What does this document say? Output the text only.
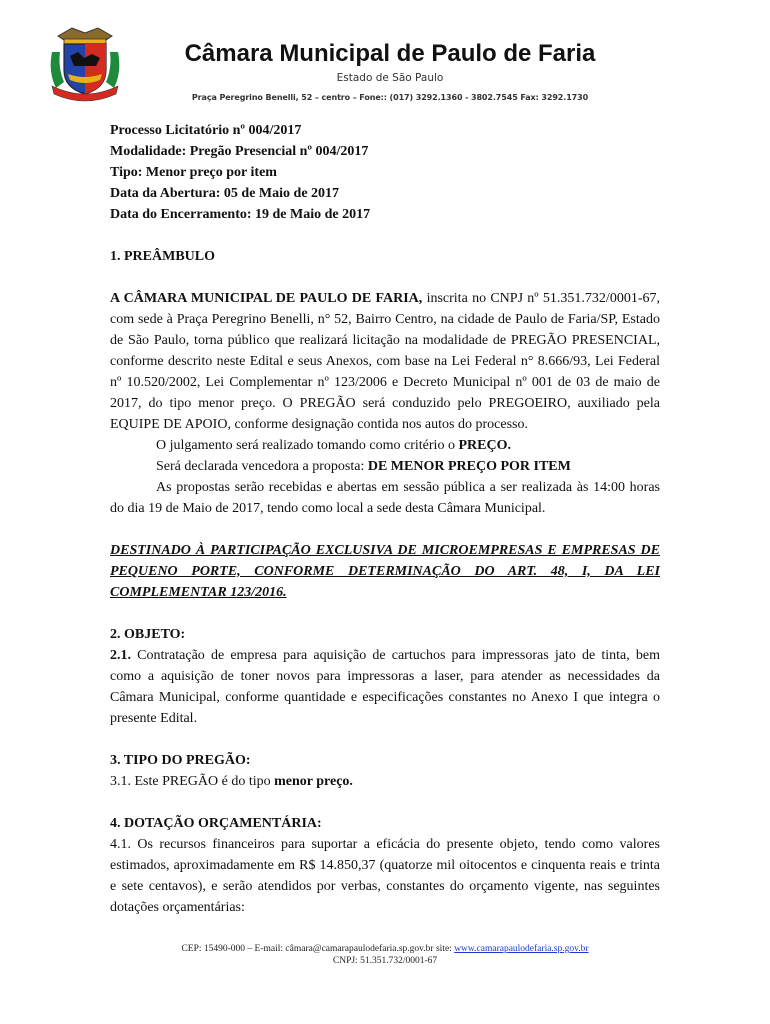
Câmara Municipal de Paulo de Faria
Estado de São Paulo
Praça Peregrino Benelli, 52 – centro – Fone:: (017) 3292.1360 - 3802.7545 Fax: 3292.1730

Processo Licitatório nº 004/2017

Modalidade: Pregão Presencial nº 004/2017

Tipo: Menor preço por item

Data da Abertura: 05 de Maio de 2017

Data do Encerramento: 19 de Maio de 2017

1. PREÂMBULO

A CÂMARA MUNICIPAL DE PAULO DE FARIA, inscrita no CNPJ nº 51.351.732/0001-67, com sede à Praça Peregrino Benelli, n° 52, Bairro Centro, na cidade de Paulo de Faria/SP, Estado de São Paulo, torna público que realizará licitação na modalidade de PREGÃO PRESENCIAL, conforme descrito neste Edital e seus Anexos, com base na Lei Federal n° 8.666/93, Lei Federal nº 10.520/2002, Lei Complementar nº 123/2006 e Decreto Municipal nº 001 de 03 de maio de 2017, do tipo menor preço. O PREGÃO será conduzido pelo PREGOEIRO, auxiliado pela EQUIPE DE APOIO, conforme designação contida nos autos do processo.

O julgamento será realizado tomando como critério o PREÇO.

Será declarada vencedora a proposta: DE MENOR PREÇO POR ITEM

As propostas serão recebidas e abertas em sessão pública a ser realizada às 14:00 horas do dia 19 de Maio de 2017, tendo como local a sede desta Câmara Municipal.

DESTINADO À PARTICIPAÇÃO EXCLUSIVA DE MICROEMPRESAS E EMPRESAS DE PEQUENO PORTE, CONFORME DETERMINAÇÃO DO ART. 48, I, DA LEI COMPLEMENTAR 123/2016.

2. OBJETO:

2.1. Contratação de empresa para aquisição de cartuchos para impressoras jato de tinta, bem como a aquisição de toner novos para impressoras a laser, para atender as necessidades da Câmara Municipal, conforme quantidade e especificações constantes no Anexo I que integra o presente Edital.

3. TIPO DO PREGÃO:

3.1. Este PREGÃO é do tipo menor preço.

4. DOTAÇÃO ORÇAMENTÁRIA:

4.1. Os recursos financeiros para suportar a eficácia do presente objeto, tendo como valores estimados, aproximadamente em R$ 14.850,37 (quatorze mil oitocentos e cinquenta reais e trinta e sete centavos), e serão atendidos por verbas, constantes do orçamento vigente, nas seguintes dotações orçamentárias:

CEP: 15490-000 – E-mail: câmara@camarapaulodefaria.sp.gov.br site: www.camarapaulodefaria.sp.gov.br
CNPJ: 51.351.732/0001-67
